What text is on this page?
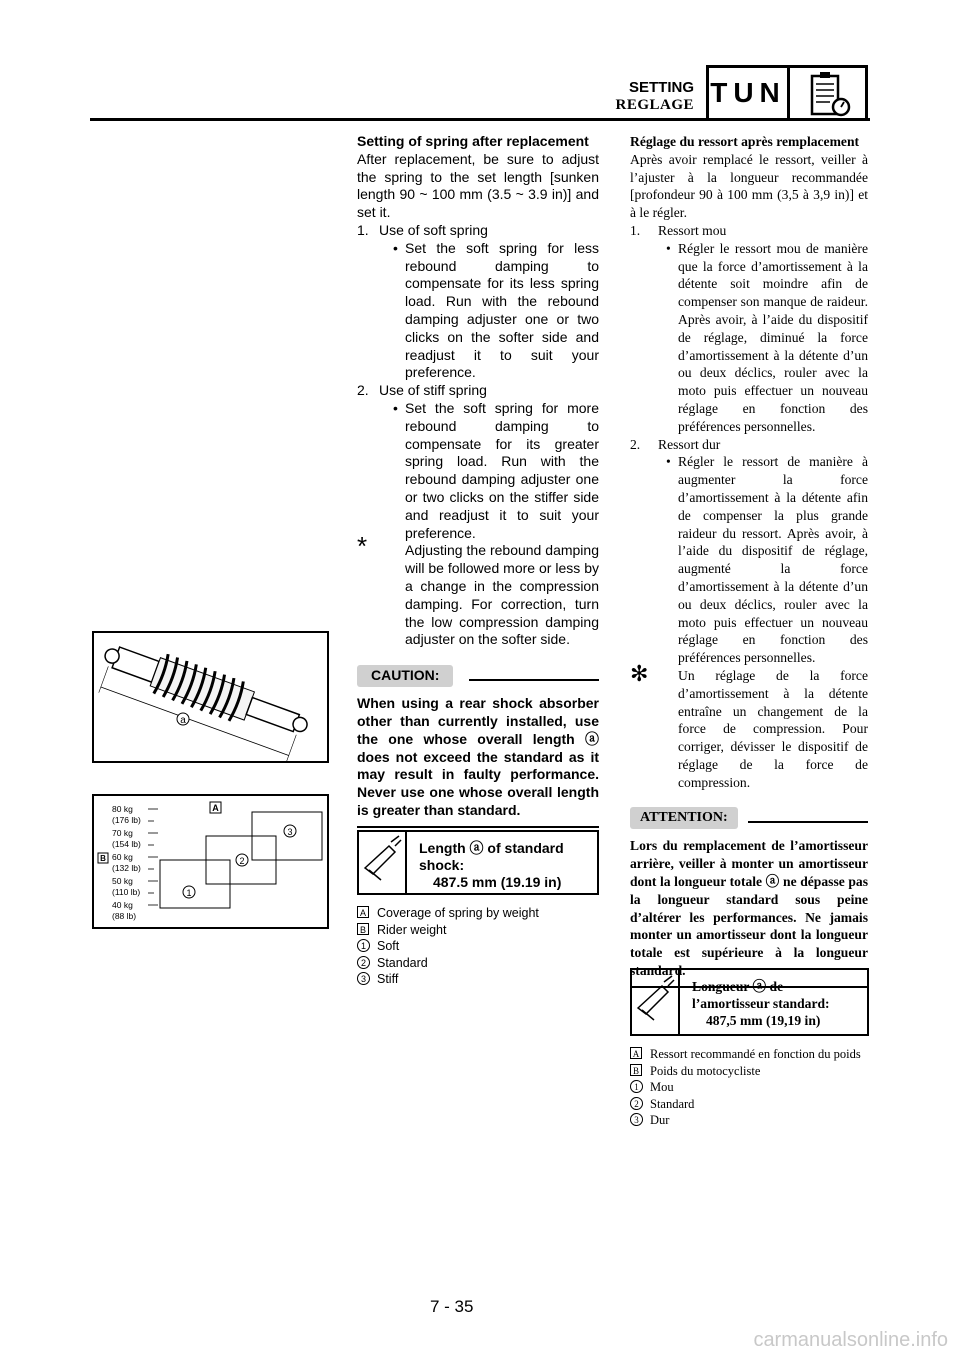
SETTING
REGLAGE TUN
a
80 kg
(176 lb)
70 kg
(154 lb)
60 kg
(132 lb)
50 kg
(110 lb)
40 kg
(88 lb)
A
B
1
2
3

Setting of spring after replacement

After replacement, be sure to adjust the spring to the set length [sunken length 90 ~ 100 mm (3.5 ~ 3.9 in)] and set it.

1. Use of soft spring
• Set the soft spring for less rebound damping to compensate for its less spring load. Run with the rebound damping adjuster one or two clicks on the softer side and readjust it to suit your preference.
2. Use of stiff spring
• Set the soft spring for more rebound damping to compensate for its greater spring load. Run with the rebound damping adjuster one or two clicks on the stiffer side and readjust it to suit your preference.
*	Adjusting the rebound damping will be followed more or less by a change in the compression damping. For correction, turn the low compression damping adjuster on the softer side.
CAUTION:

When using a rear shock absorber other than currently installed, use the one whose overall length ⓐ does not exceed the standard as it may result in faulty performance. Never use one whose overall length is greater than standard.

Length ⓐ of standard
shock:
487.5 mm (19.19 in)
A Coverage of spring by weight
B Rider weight
1 Soft
2 Standard
3 Stiff

Réglage du ressort après remplacement

Après avoir remplacé le ressort, veiller à l’ajuster à la longueur recommandée [profondeur 90 à 100 mm (3,5 à 3,9 in)] et à le régler.

1. Ressort mou
• Régler le ressort mou de manière que la force d’amortissement à la détente soit moindre afin de compenser son manque de raideur. Après avoir, à l’aide du dispositif de réglage, diminué la force d’amortissement à la détente d’un ou deux déclics, rouler avec la moto puis effectuer un nouveau réglage en fonction des préférences personnelles.
2. Ressort dur
• Régler le ressort de manière à augmenter la force d’amortissement à la détente afin de compenser la plus grande raideur du ressort. Après avoir, à l’aide du dispositif de réglage, augmenté la force d’amortissement à la détente d’un ou deux déclics, rouler avec la moto puis effectuer un nouveau réglage en fonction des préférences personnelles.
✻ Un réglage de la force d’amortissement à la détente entraîne un changement de la force de compression. Pour corriger, dévisser le dispositif de réglage de la force de compression.
ATTENTION:

Lors du remplacement de l’amortisseur arrière, veiller à monter un amortisseur dont la longueur totale ⓐ ne dépasse pas la longueur standard sous peine d’altérer les performances. Ne jamais monter un amortisseur dont la longueur totale est supérieure à la longueur standard.

Longueur ⓐ de
l’amortisseur standard:
487,5 mm (19,19 in)
A Ressort recommandé en fonction du poids
B Poids du motocycliste
1 Mou
2 Standard
3 Dur
7 - 35
carmanualsonline.info
